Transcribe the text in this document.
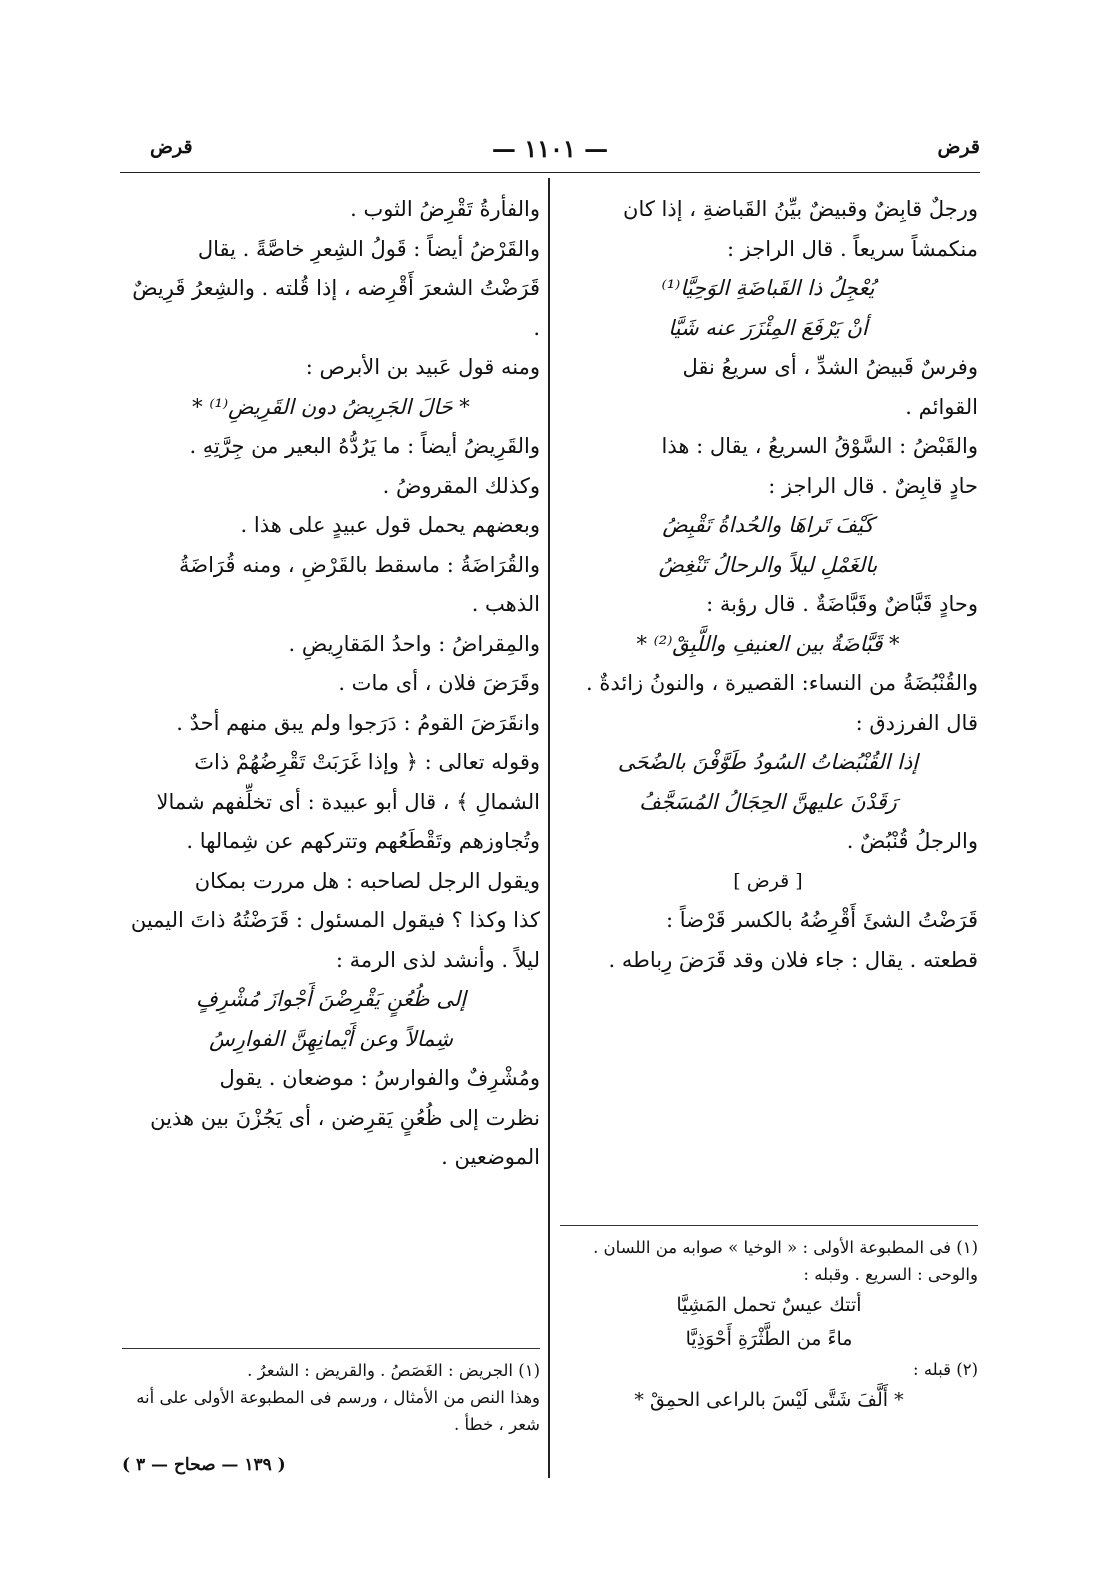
قرض
— ١١٠١ —
قرض

ورجلٌ قابِضٌ وقبيضٌ بيِّنُ القَباضةِ ، إذا كان

منكمشاً سريعاً . قال الراجز :

يُعْجِلُ ذا القَباضَةِ الوَحِيَّا⁽¹⁾

أنْ يَرْفَعَ المِئْزَرَ عنه شَيَّا

وفرسٌ قَبيضُ الشدِّ ، أى سريعُ نقل

القوائم .

والقَبْضُ : السَّوْقُ السريعُ ، يقال : هذا

حادٍ قابِضٌ . قال الراجز :

كَيْفَ تَراهَا والحُداةُ تَقْبِضُ

بالغَمْلِ ليلاً والرحالُ تَنْغِضُ

وحادٍ قَبَّاضٌ وقَبَّاضَةٌ . قال رؤبة :

* قَبَّاضَةٌ بين العنيفِ واللَّبِقْ⁽²⁾ *

والقُنْبُضَةُ من النساء: القصيرة ، والنونُ زائدةٌ .

قال الفرزدق :

إذا القُنْبُضاتُ السُودُ طَوَّفْنَ بالضُحَى

رَقَدْنَ عليهنَّ الحِجَالُ المُسَجَّفُ

والرجلُ قُنْبُضٌ .

[ قرض ]

قَرَضْتُ الشئَ أَقْرِضُهُ بالكسر قَرْضاً :

قطعته . يقال : جاء فلان وقد قَرَضَ رِباطه .

(١) فى المطبوعة الأولى : « الوخيا » صوابه من اللسان .

والوحى : السريع . وقبله :

أتتك عيسٌ تحمل المَشِيَّا

ماءً من الطَّثْرَةِ أَحْوَذِيَّا

(٢) قبله :

* أَلَّفَ شَتَّى لَيْسَ بالراعى الحمِقْ *

والفأرةُ تَقْرِضُ الثوب .

والقَرْضُ أيضاً : قَولُ الشِعرِ خاصَّةً . يقال

قَرَضْتُ الشعرَ أَقْرِضه ، إذا قُلته . والشِعرُ قَرِيضٌ .

ومنه قول عَبيد بن الأبرص :

* حَالَ الجَرِيضُ دون القَرِيضِ⁽¹⁾ *

والقَرِيضُ أيضاً : ما يَرُدُّهُ البعير من جِرَّتِهِ .

وكذلك المقروضُ .

وبعضهم يحمل قول عبيدٍ على هذا .

والقُرَاضَةُ : ماسقط بالقَرْضِ ، ومنه قُرَاضَةُ

الذهب .

والمِقراضُ : واحدُ المَقارِيضِ .

وقَرَضَ فلان ، أى مات .

وانقَرَضَ القومُ : دَرَجوا ولم يبق منهم أحدٌ .

وقوله تعالى : ﴿ وإذا غَرَبَتْ تَقْرِضُهُمْ ذاتَ

الشمالِ ﴾ ، قال أبو عبيدة : أى تخلِّفهم شمالا

وتُجاوزهم وتَقْطَعُهم وتتركهم عن شِمالها .

ويقول الرجل لصاحبه : هل مررت بمكان

كذا وكذا ؟ فيقول المسئول : قَرَضْتُهُ ذاتَ اليمين

ليلاً . وأنشد لذى الرمة :

إلى ظُعُنٍ يَقْرِضْنَ أَجْوازَ مُشْرِفٍ

شِمالاً وعن أَيْمانِهِنَّ الفوارِسُ

ومُشْرِفٌ والفوارسُ : موضعان . يقول

نظرت إلى ظُعُنٍ يَقرِضن ، أى يَجُزْنَ بين هذين

الموضعين .

(١) الجريض : الغَصَصُ . والقريض : الشعرُ .

وهذا النص من الأمثال ، ورسم فى المطبوعة الأولى على أنه

شعر ، خطأ .

( ١٣٩ — صحاح — ٣ )
